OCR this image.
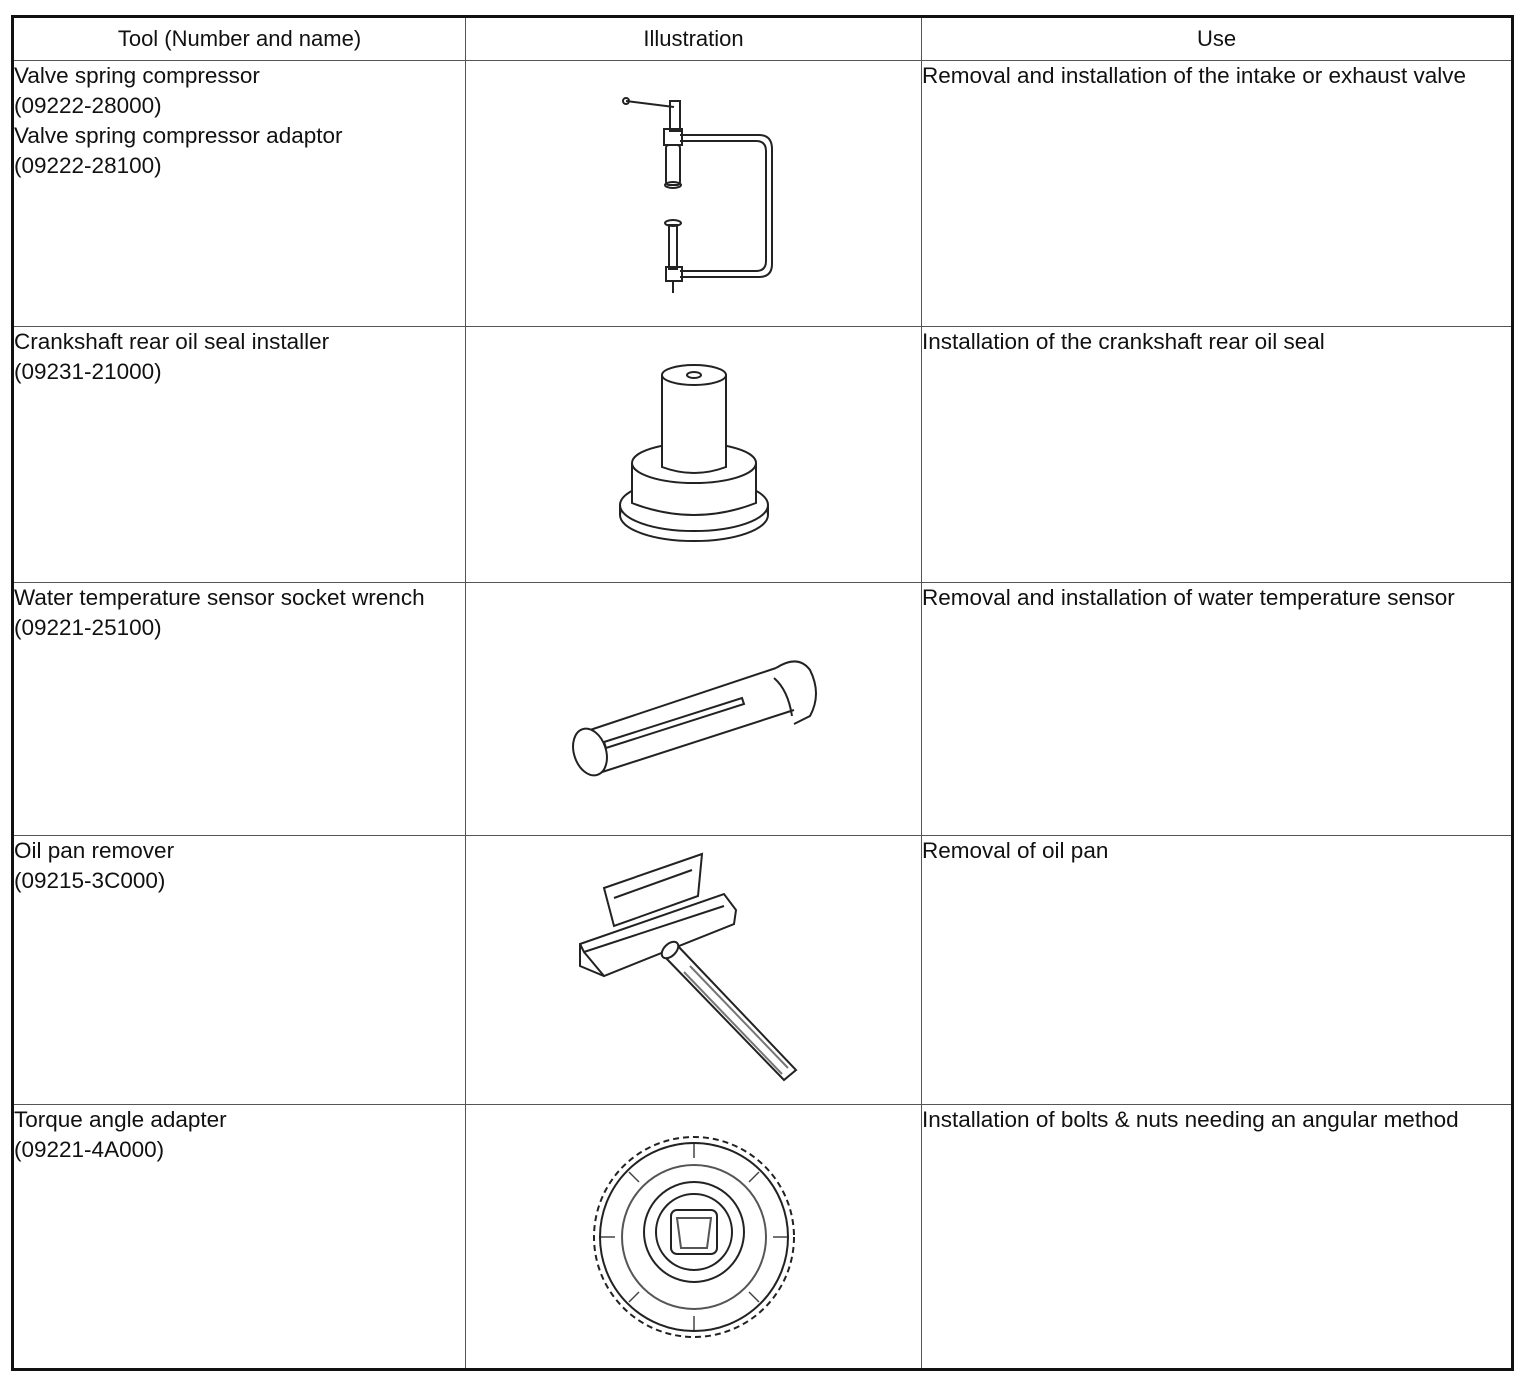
Tool (Number and name)	Illustration	Use

Valve spring compressor
(09222-28000)
Valve spring compressor adaptor
(09222-28100)		Removal and installation of the intake or exhaust valve

Crankshaft rear oil seal installer
(09231-21000)		Installation of the crankshaft rear oil seal

Water temperature sensor socket wrench
(09221-25100)		Removal and installation of water temperature sensor

Oil pan remover
(09215-3C000)		Removal of oil pan

Torque angle adapter
(09221-4A000)		Installation of bolts & nuts needing an angular method
